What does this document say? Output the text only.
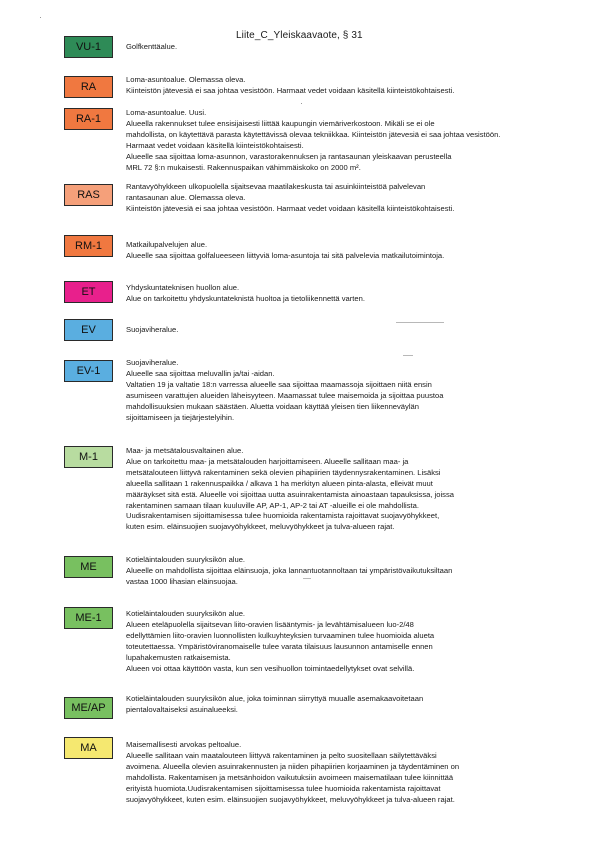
Liite_C_Yleiskaavaote, § 31
VU-1	Golfkenttäalue.
RA
Loma-asuntoalue. Olemassa oleva.
Kiinteistön jätevesiä ei saa johtaa vesistöön. Harmaat vedet voidaan käsitellä kiinteistökohtaisesti.
RA-1
Loma-asuntoalue. Uusi.
Alueella rakennukset tulee ensisijaisesti liittää kaupungin viemäriverkostoon. Mikäli se ei ole
mahdollista, on käytettävä parasta käytettävissä olevaa tekniikkaa. Kiinteistön jätevesiä ei saa johtaa vesistöön.
Harmaat vedet voidaan käsitellä kiinteistökohtaisesti.
Alueelle saa sijoittaa loma-asunnon, varastorakennuksen ja rantasaunan yleiskaavan perusteella
MRL 72 §:n mukaisesti. Rakennuspaikan vähimmäiskoko on 2000 m².
RAS
Rantavyöhykkeen ulkopuolella sijaitsevaa maatilakeskusta tai asuinkiinteistöä palvelevan
rantasaunan alue. Olemassa oleva.
Kiinteistön jätevesiä ei saa johtaa vesistöön. Harmaat vedet voidaan käsitellä kiinteistökohtaisesti.
RM-1	Matkailupalvelujen alue.
Alueelle saa sijoittaa golfalueeseen liittyviä loma-asuntoja tai sitä palvelevia matkailutoimintoja.
ET	Yhdyskuntateknisen huollon alue.
Alue on tarkoitettu yhdyskuntateknistä huoltoa ja tietoliikennettä varten.
EV	Suojaviheralue.
EV-1
Suojaviheralue.
Alueelle saa sijoittaa meluvallin ja/tai -aidan.
Valtatien 19 ja valtatie 18:n varressa alueelle saa sijoittaa maamassoja sijoittaen niitä ensin
asumiseen varattujen alueiden läheisyyteen. Maamassat tulee maisemoida ja sijoittaa puustoa
mahdollisuuksien mukaan säästäen. Aluetta voidaan käyttää yleisen tien liikenneväylän
sijoittamiseen ja tiejärjestelyihin.
M-1
Maa- ja metsätalousvaltainen alue.
Alue on tarkoitettu maa- ja metsätalouden harjoittamiseen. Alueelle sallitaan maa- ja
metsätalouteen liittyvä rakentaminen sekä olevien pihapiirien täydennysrakentaminen. Lisäksi
alueella sallitaan 1 rakennuspaikka / alkava 1 ha merkityn alueen pinta-alasta, elleivät muut
määräykset sitä estä. Alueelle voi sijoittaa uutta asuinrakentamista ainoastaan tapauksissa, joissa
rakentaminen samaan tilaan kuuluville AP, AP-1, AP-2 tai AT -alueille ei ole mahdollista.
Uudisrakentamisen sijoittamisessa tulee huomioida rakentamista rajoittavat suojavyöhykkeet,
kuten esim. eläinsuojien suojavyöhykkeet, meluvyöhykkeet ja tulva-alueen rajat.
ME
Kotieläintalouden suuryksikön alue.
Alueelle on mahdollista sijoittaa eläinsuoja, joka lannantuotannoltaan tai ympäristövaikutuksiltaan
vastaa 1000 lihasian eläinsuojaa.
ME-1	Kotieläintalouden suuryksikön alue.
Alueen eteläpuolella sijaitsevan liito-oravien lisääntymis- ja levähtämisalueen luo-2/48
edellyttämien liito-oravien luonnollisten kulkuyhteyksien turvaaminen tulee huomioida alueta
toteutettaessa. Ympäristöviranomaiselle tulee varata tilaisuus lausunnon antamiselle ennen
lupahakemusten ratkaisemista.
Alueen voi ottaa käyttöön vasta, kun sen vesihuollon toimintaedellytykset ovat selvillä.
ME/AP
Kotieläintalouden suuryksikön alue, joka toiminnan siirryttyä muualle asemakaavoitetaan
pientalovaltaiseksi asuinalueeksi.
MA	Maisemallisesti arvokas peltoalue.
Alueelle sallitaan vain maatalouteen liittyvä rakentaminen ja pelto suositellaan säilytettäväksi
avoimena. Alueella olevien asuinrakennusten ja niiden pihapiirien korjaaminen ja täydentäminen on
mahdollista. Rakentamisen ja metsänhoidon vaikutuksiin avoimeen maisematilaan tulee kiinnittää
erityistä huomiota.Uudisrakentamisen sijoittamisessa tulee huomioida rakentamista rajoittavat
suojavyöhykkeet, kuten esim. eläinsuojien suojavyöhykkeet, meluvyöhykkeet ja tulva-alueen rajat.
